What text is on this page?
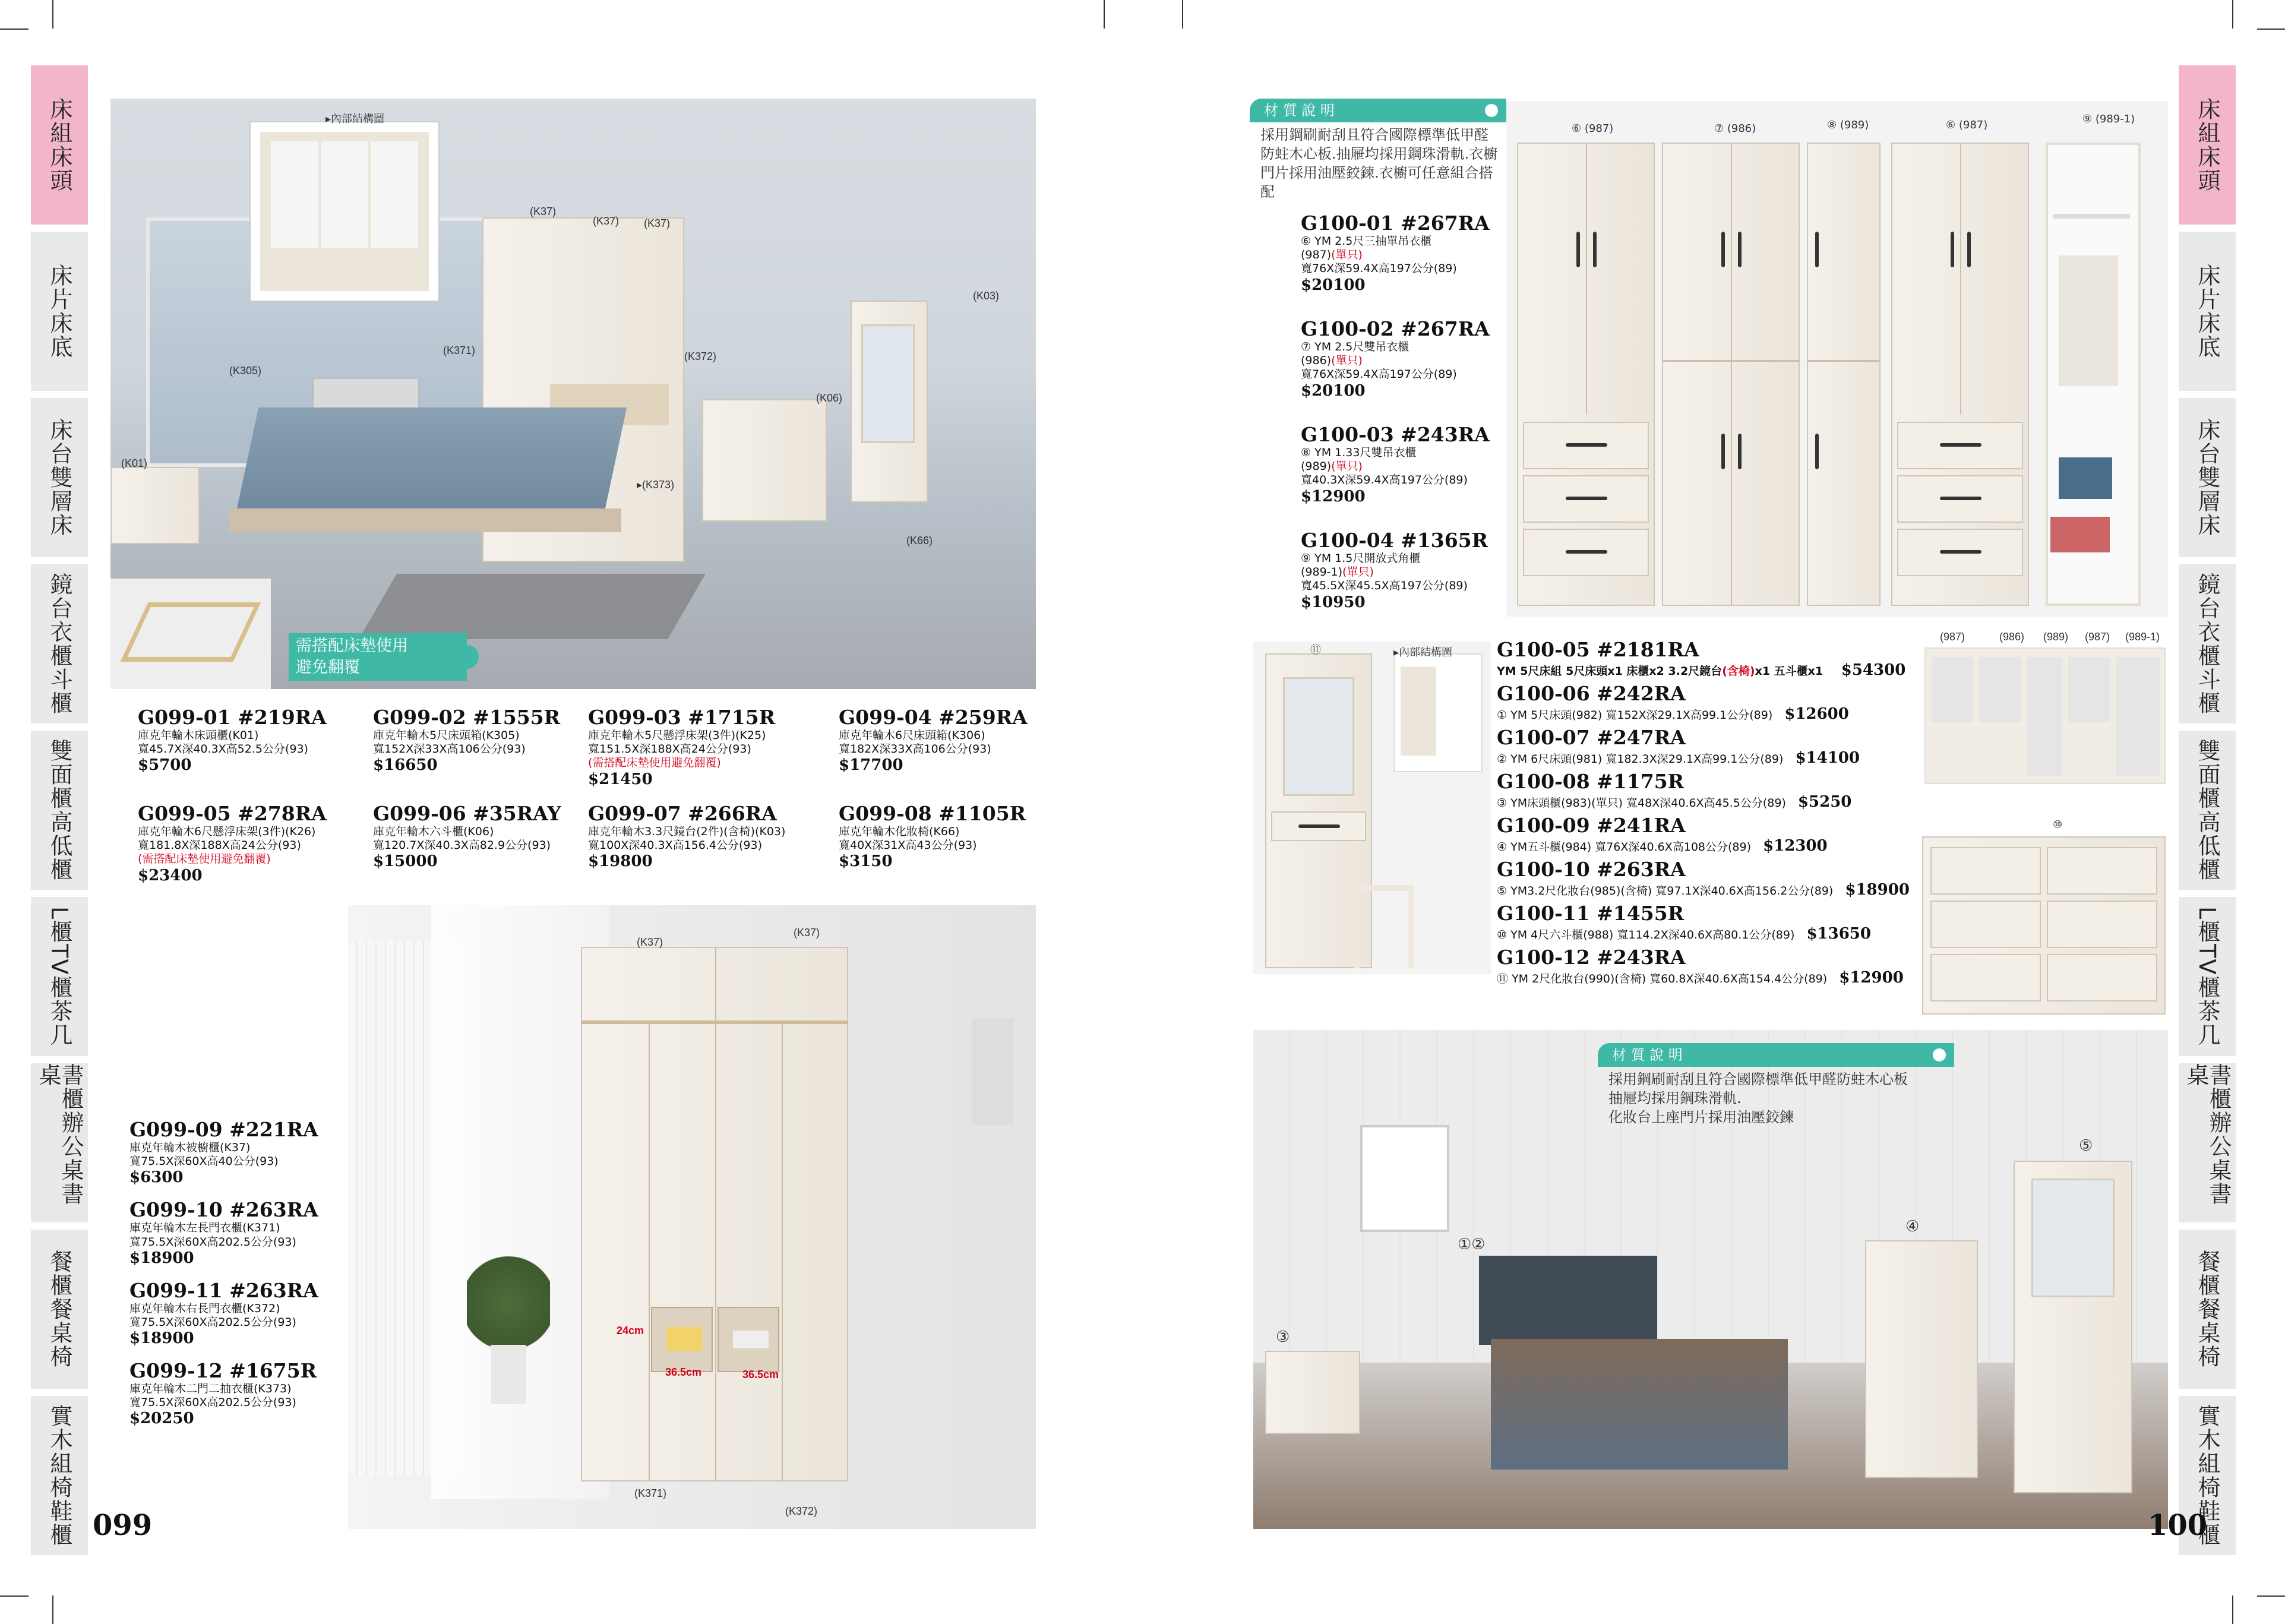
床組床頭
床片床底
床台雙層床
鏡台衣櫃斗櫃
雙面櫃高低櫃
L櫃TV櫃茶几
書櫃辦公桌書桌
餐櫃餐桌椅
實木組椅鞋櫃
床組床頭
床片床底
床台雙層床
鏡台衣櫃斗櫃
雙面櫃高低櫃
L櫃TV櫃茶几
書櫃辦公桌書桌
餐櫃餐桌椅
實木組椅鞋櫃
需搭配床墊使用
避免翻覆
▸內部結構圖
(K37)
(K37) (K37)
(K371)	(K372)
(K03)
(K305)
(K06)
(K01)
▸(K373)
(K66)
G099-01 #219RA
庫克年輪木床頭櫃(K01)
寬45.7X深40.3X高52.5公分(93)
$5700
G099-02 #1555R
庫克年輪木5尺床頭箱(K305)
寬152X深33X高106公分(93)
$16650
G099-03 #1715R
庫克年輪木5尺懸浮床架(3件)(K25)
寬151.5X深188X高24公分(93)
(需搭配床墊使用避免翻覆)
$21450
G099-04 #259RA
庫克年輪木6尺床頭箱(K306)
寬182X深33X高106公分(93)
$17700
G099-05 #278RA
庫克年輪木6尺懸浮床架(3件)(K26)
寬181.8X深188X高24公分(93)
(需搭配床墊使用避免翻覆)
$23400
G099-06 #35RAY
庫克年輪木六斗櫃(K06)
寬120.7X深40.3X高82.9公分(93)
$15000
G099-07 #266RA
庫克年輪木3.3尺鏡台(2件)(含椅)(K03)
寬100X深40.3X高156.4公分(93)
$19800
G099-08 #1105R
庫克年輪木化妝椅(K66)
寬40X深31X高43公分(93)
$3150
(K37)
(K37)
24cm
36.5cm	36.5cm
(K371)
(K372)
G099-09 #221RA
庫克年輪木被櫥櫃(K37)
寬75.5X深60X高40公分(93)
$6300
G099-10 #263RA
庫克年輪木左長門衣櫃(K371)
寬75.5X深60X高202.5公分(93)
$18900
G099-11 #263RA
庫克年輪木右長門衣櫃(K372)
寬75.5X深60X高202.5公分(93)
$18900
G099-12 #1675R
庫克年輪木二門二抽衣櫃(K373)
寬75.5X深60X高202.5公分(93)
$20250
099
材 質 說 明
採用鋼刷耐刮且符合國際標準低甲醛防蛀木心板.抽屜均採用鋼珠滑軌.衣櫥門片採用油壓鉸鍊.衣櫥可任意組合搭配
⑥ (987)	⑦ (986)	⑧ (989)	⑥ (987)	⑨ (989-1)
G100-01 #267RA
⑥ YM 2.5尺三抽單吊衣櫃
(987)(單只)
寬76X深59.4X高197公分(89)
$20100
G100-02 #267RA
⑦ YM 2.5尺雙吊衣櫃
(986)(單只)
寬76X深59.4X高197公分(89)
$20100
G100-03 #243RA
⑧ YM 1.33尺雙吊衣櫃
(989)(單只)
寬40.3X深59.4X高197公分(89)
$12900
G100-04 #1365R
⑨ YM 1.5尺開放式角櫃
(989-1)(單只)
寬45.5X深45.5X高197公分(89)
$10950
⑪	▸內部結構圖 G100-05 #2181RA
YM 5尺床組 5尺床頭x1 床櫃x2 3.2尺鏡台(含椅)x1 五斗櫃x1 $54300
G100-06 #242RA
① YM 5尺床頭(982) 寬152X深29.1X高99.1公分(89) $12600
G100-07 #247RA
② YM 6尺床頭(981) 寬182.3X深29.1X高99.1公分(89) $14100
G100-08 #1175R
③ YM床頭櫃(983)(單只) 寬48X深40.6X高45.5公分(89) $5250
G100-09 #241RA
④ YM五斗櫃(984) 寬76X深40.6X高108公分(89) $12300
G100-10 #263RA
⑤ YM3.2尺化妝台(985)(含椅) 寬97.1X深40.6X高156.2公分(89) $18900
G100-11 #1455R
⑩ YM 4尺六斗櫃(988) 寬114.2X深40.6X高80.1公分(89) $13650
G100-12 #243RA
⑪ YM 2尺化妝台(990)(含椅) 寬60.8X深40.6X高154.4公分(89) $12900
(987)	(986) (989) (987) (989-1)
⑩
材 質 說 明
採用鋼刷耐刮且符合國際標準低甲醛防蛀木心板
抽屜均採用鋼珠滑軌.
化妝台上座門片採用油壓鉸鍊
①②
③
④
⑤
100
